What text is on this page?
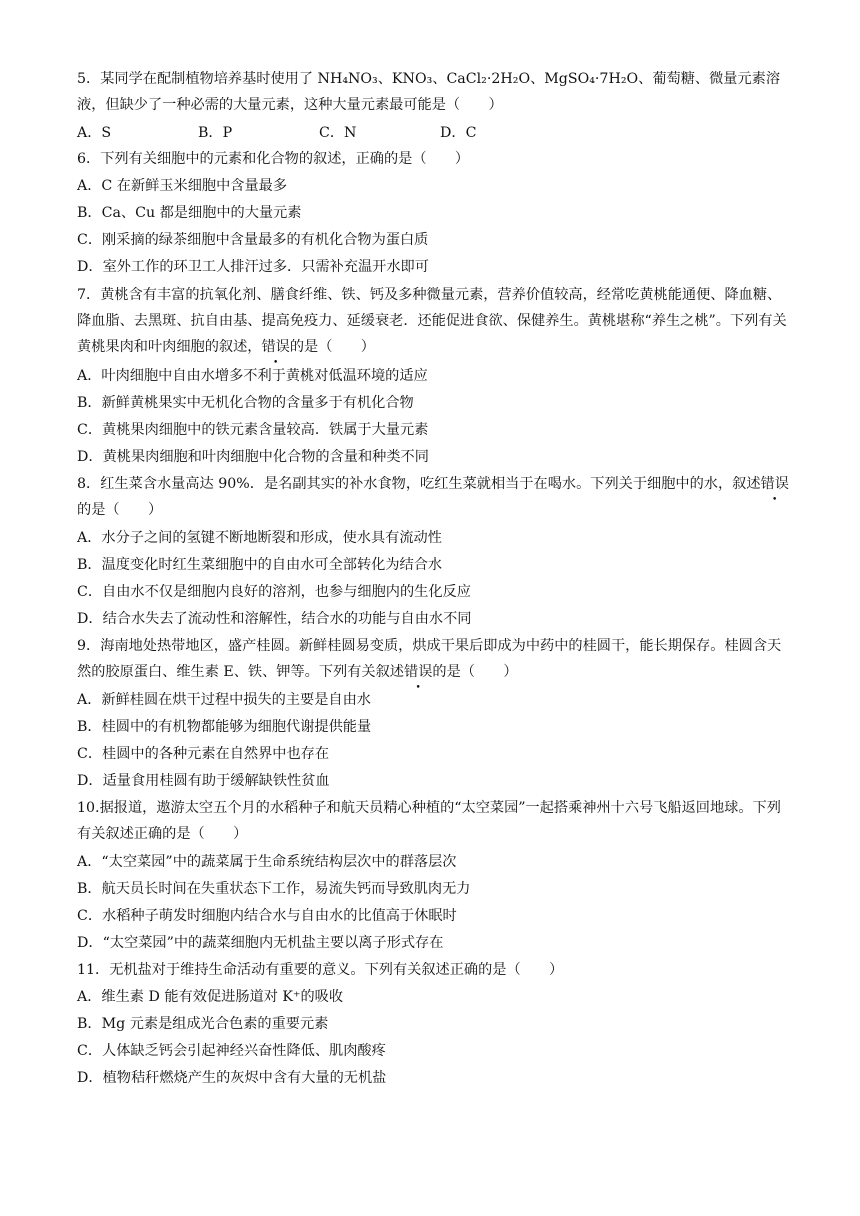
5．某同学在配制植物培养基时使用了 NH₄NO₃、KNO₃、CaCl₂·2H₂O、MgSO₄·7H₂O、葡萄糖、微量元素溶液，但缺少了一种必需的大量元素，这种大量元素最可能是（　　）
A．S	B．P	C．N	D．C
6．下列有关细胞中的元素和化合物的叙述，正确的是（　　）
A．C 在新鲜玉米细胞中含量最多
B．Ca、Cu 都是细胞中的大量元素
C．刚采摘的绿茶细胞中含量最多的有机化合物为蛋白质
D．室外工作的环卫工人排汗过多．只需补充温开水即可
7．黄桃含有丰富的抗氧化剂、膳食纤维、铁、钙及多种微量元素，营养价值较高，经常吃黄桃能通便、降血糖、降血脂、去黑斑、抗自由基、提高免疫力、延缓衰老．还能促进食欲、保健养生。黄桃堪称“养生之桃”。下列有关黄桃果肉和叶肉细胞的叙述，错误的是（　　）
A．叶肉细胞中自由水增多不利于黄桃对低温环境的适应
B．新鲜黄桃果实中无机化合物的含量多于有机化合物
C．黄桃果肉细胞中的铁元素含量较高．铁属于大量元素
D．黄桃果肉细胞和叶肉细胞中化合物的含量和种类不同
8．红生菜含水量高达 90%．是名副其实的补水食物，吃红生菜就相当于在喝水。下列关于细胞中的水，叙述错误的是（　　）
A．水分子之间的氢键不断地断裂和形成，使水具有流动性
B．温度变化时红生菜细胞中的自由水可全部转化为结合水
C．自由水不仅是细胞内良好的溶剂，也参与细胞内的生化反应
D．结合水失去了流动性和溶解性，结合水的功能与自由水不同
9．海南地处热带地区，盛产桂圆。新鲜桂圆易变质，烘成干果后即成为中药中的桂圆干，能长期保存。桂圆含天然的胶原蛋白、维生素 E、铁、钾等。下列有关叙述错误的是（　　）
A．新鲜桂圆在烘干过程中损失的主要是自由水
B．桂圆中的有机物都能够为细胞代谢提供能量
C．桂圆中的各种元素在自然界中也存在
D．适量食用桂圆有助于缓解缺铁性贫血
10.据报道，遨游太空五个月的水稻种子和航天员精心种植的“太空菜园”一起搭乘神州十六号飞船返回地球。下列有关叙述正确的是（　　）
A．“太空菜园”中的蔬菜属于生命系统结构层次中的群落层次
B．航天员长时间在失重状态下工作，易流失钙而导致肌肉无力
C．水稻种子萌发时细胞内结合水与自由水的比值高于休眠时
D．“太空菜园”中的蔬菜细胞内无机盐主要以离子形式存在
11．无机盐对于维持生命活动有重要的意义。下列有关叙述正确的是（　　）
A．维生素 D 能有效促进肠道对 K⁺的吸收
B．Mg 元素是组成光合色素的重要元素
C．人体缺乏钙会引起神经兴奋性降低、肌肉酸疼
D．植物秸秆燃烧产生的灰烬中含有大量的无机盐
